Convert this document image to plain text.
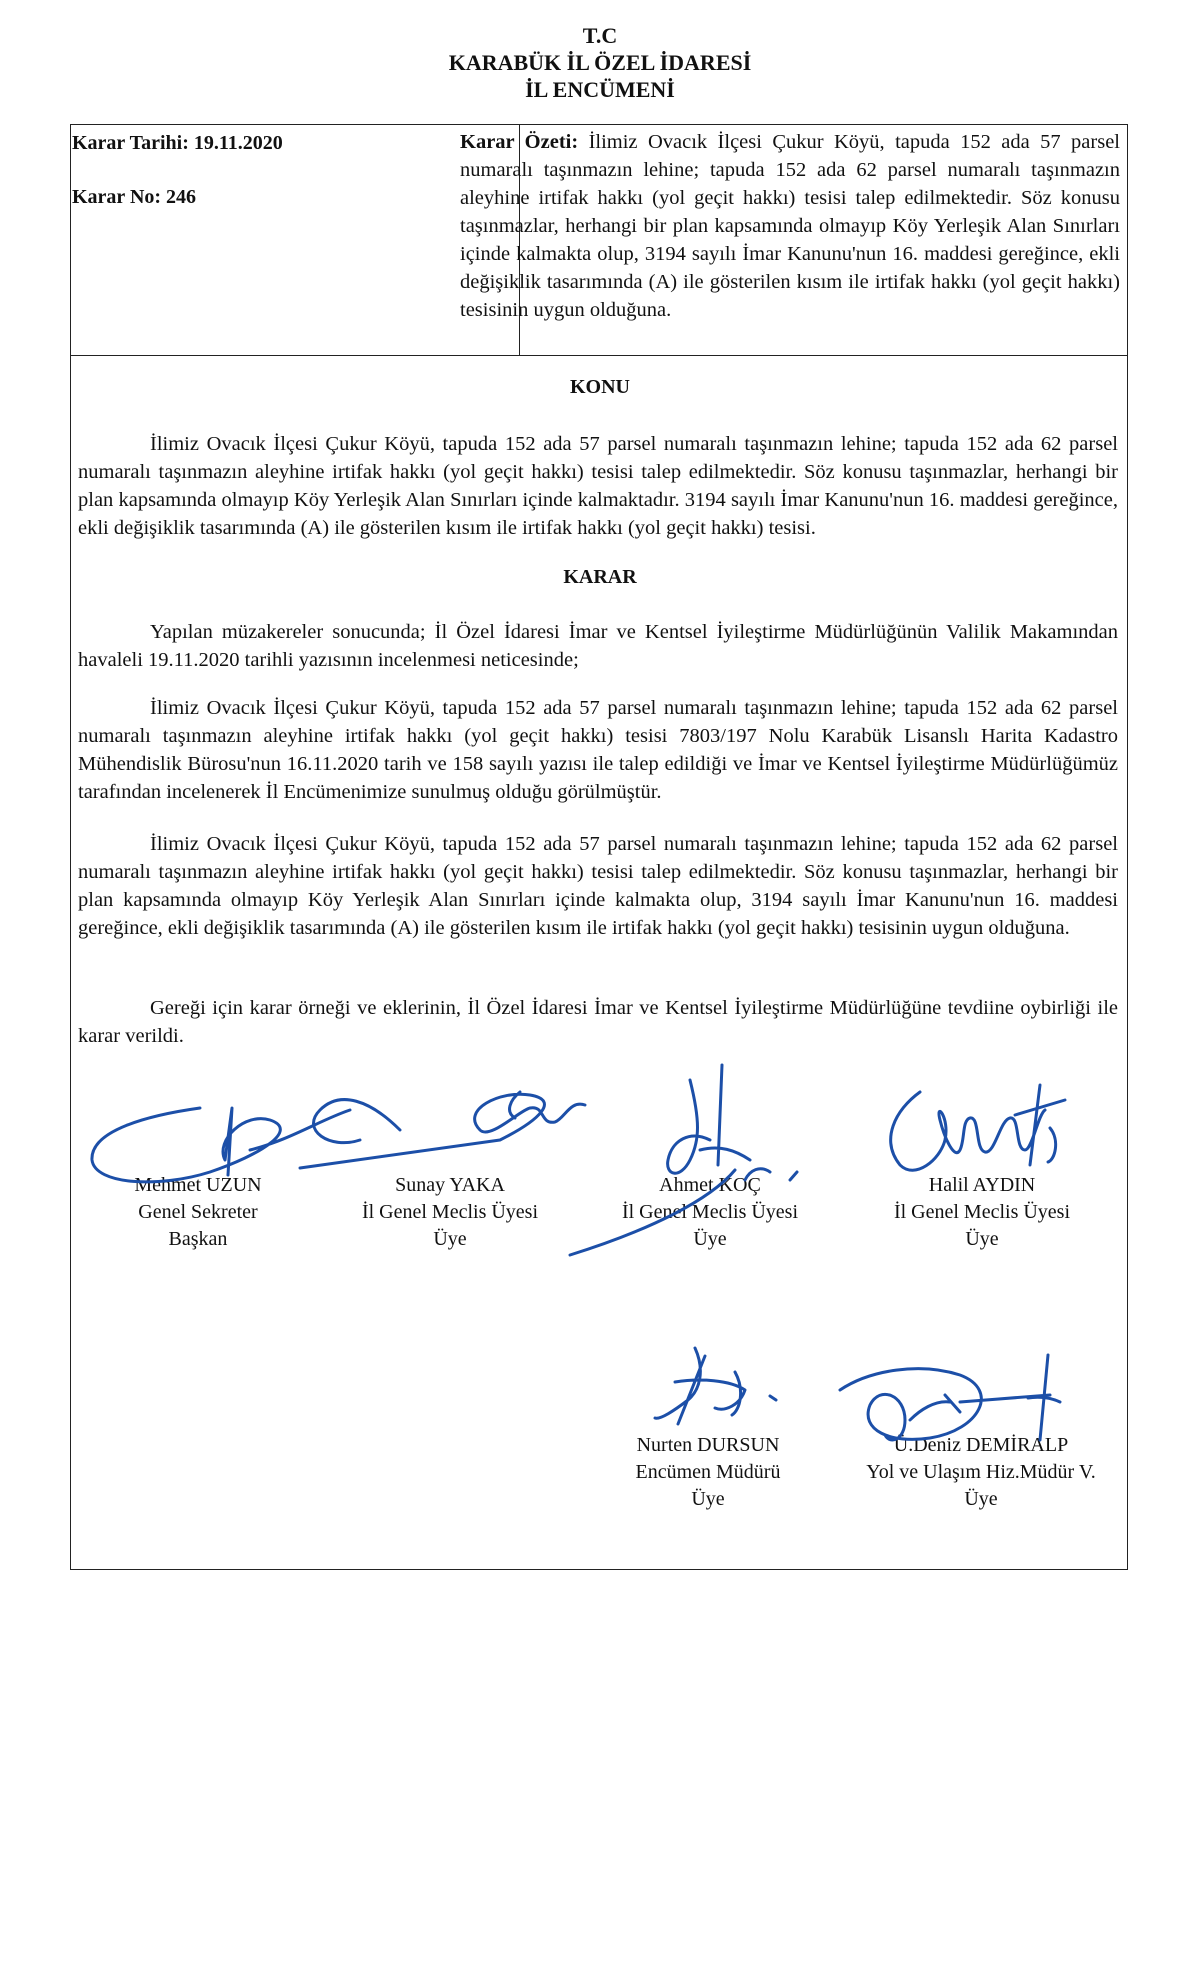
T.C
KARABÜK İL ÖZEL İDARESİ
İL ENCÜMENİ
Karar Tarihi: 19.11.2020
Karar No: 246
Karar Özeti: İlimiz Ovacık İlçesi Çukur Köyü, tapuda 152 ada 57 parsel numaralı taşınmazın lehine; tapuda 152 ada 62 parsel numaralı taşınmazın aleyhine irtifak hakkı (yol geçit hakkı) tesisi talep edilmektedir. Söz konusu taşınmazlar, herhangi bir plan kapsamında olmayıp Köy Yerleşik Alan Sınırları içinde kalmakta olup, 3194 sayılı İmar Kanunu'nun 16. maddesi gereğince, ekli değişiklik tasarımında (A) ile gösterilen kısım ile irtifak hakkı (yol geçit hakkı) tesisinin uygun olduğuna.
KONU
İlimiz Ovacık İlçesi Çukur Köyü, tapuda 152 ada 57 parsel numaralı taşınmazın lehine; tapuda 152 ada 62 parsel numaralı taşınmazın aleyhine irtifak hakkı (yol geçit hakkı) tesisi talep edilmektedir. Söz konusu taşınmazlar, herhangi bir plan kapsamında olmayıp Köy Yerleşik Alan Sınırları içinde kalmaktadır. 3194 sayılı İmar Kanunu'nun 16. maddesi gereğince, ekli değişiklik tasarımında (A) ile gösterilen kısım ile irtifak hakkı (yol geçit hakkı) tesisi.
KARAR
Yapılan müzakereler sonucunda; İl Özel İdaresi İmar ve Kentsel İyileştirme Müdürlüğünün Valilik Makamından havaleli 19.11.2020 tarihli yazısının incelenmesi neticesinde;
İlimiz Ovacık İlçesi Çukur Köyü, tapuda 152 ada 57 parsel numaralı taşınmazın lehine; tapuda 152 ada 62 parsel numaralı taşınmazın aleyhine irtifak hakkı (yol geçit hakkı) tesisi 7803/197 Nolu Karabük Lisanslı Harita Kadastro Mühendislik Bürosu'nun 16.11.2020 tarih ve 158 sayılı yazısı ile talep edildiği ve İmar ve Kentsel İyileştirme Müdürlüğümüz tarafından incelenerek İl Encümenimize sunulmuş olduğu görülmüştür.
İlimiz Ovacık İlçesi Çukur Köyü, tapuda 152 ada 57 parsel numaralı taşınmazın lehine; tapuda 152 ada 62 parsel numaralı taşınmazın aleyhine irtifak hakkı (yol geçit hakkı) tesisi talep edilmektedir. Söz konusu taşınmazlar, herhangi bir plan kapsamında olmayıp Köy Yerleşik Alan Sınırları içinde kalmakta olup, 3194 sayılı İmar Kanunu'nun 16. maddesi gereğince, ekli değişiklik tasarımında (A) ile gösterilen kısım ile irtifak hakkı (yol geçit hakkı) tesisinin uygun olduğuna.
Gereği için karar örneği ve eklerinin, İl Özel İdaresi İmar ve Kentsel İyileştirme Müdürlüğüne tevdiine oybirliği ile karar verildi.
Mehmet UZUN
Genel Sekreter
Başkan
Sunay YAKA
İl Genel Meclis Üyesi
Üye
Ahmet KOÇ
İl Genel Meclis Üyesi
Üye
Halil AYDIN
İl Genel Meclis Üyesi
Üye
Nurten DURSUN
Encümen Müdürü
Üye
Ü.Deniz DEMİRALP
Yol ve Ulaşım Hiz.Müdür V.
Üye
